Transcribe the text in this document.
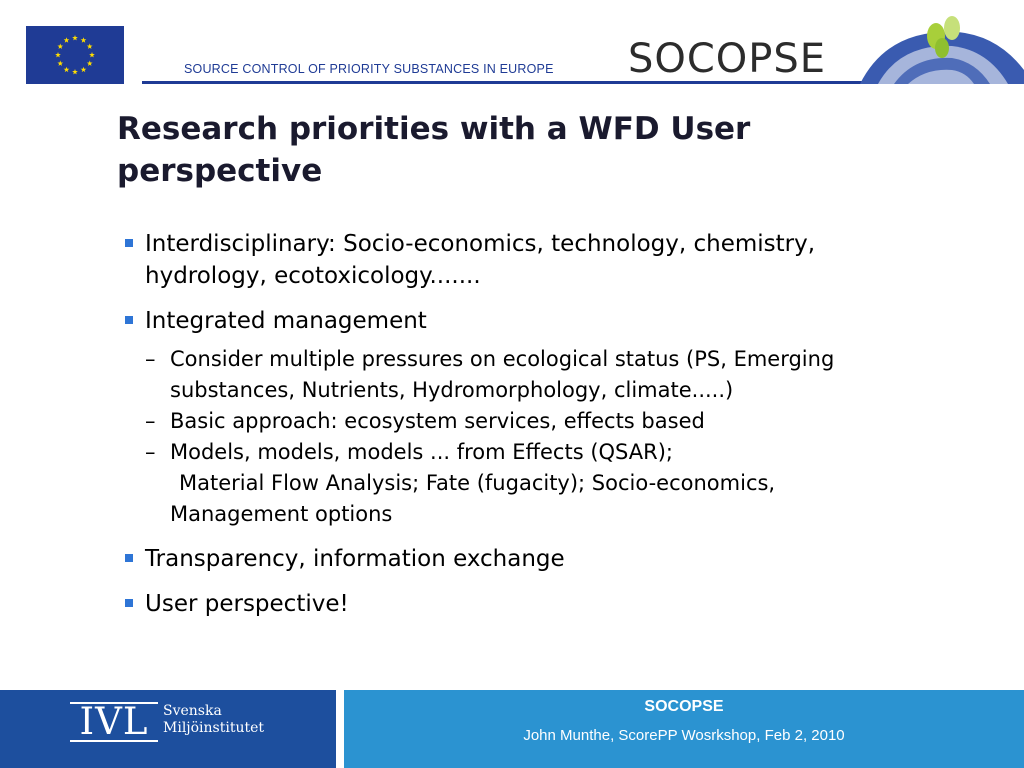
SOURCE CONTROL OF PRIORITY SUBSTANCES IN EUROPE SOCOPSE
Research priorities with a WFD User perspective
Interdisciplinary: Socio-economics, technology, chemistry, hydrology, ecotoxicology.......
Integrated management
– Consider multiple pressures on ecological status (PS, Emerging substances, Nutrients, Hydromorphology, climate.....)
– Basic approach: ecosystem services, effects based
– Models, models, models ... from Effects (QSAR);
Material Flow Analysis; Fate (fugacity); Socio-economics, Management options
Transparency, information exchange
User perspective!
IVL	Svenska
Miljöinstitutet
SOCOPSE
John Munthe, ScorePP Wosrkshop, Feb 2, 2010
